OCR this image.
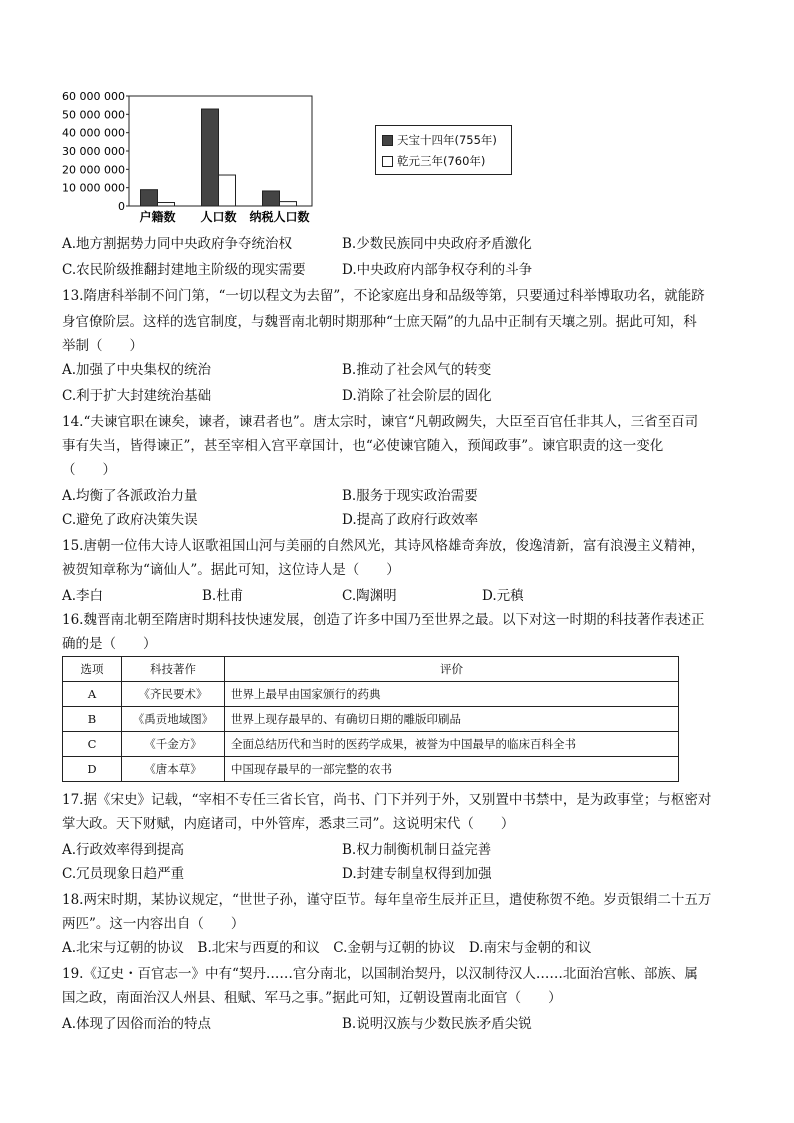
60 000 000
50 000 000
40 000 000
30 000 000
20 000 000
10 000 000
0
户籍数 人口数 纳税人口数
天宝十四年(755年)
乾元三年(760年)
A.地方割据势力同中央政府争夺统治权	B.少数民族同中央政府矛盾激化
C.农民阶级推翻封建地主阶级的现实需要	D.中央政府内部争权夺利的斗争
13.隋唐科举制不问门第，“一切以程文为去留”，不论家庭出身和品级等第，只要通过科举博取功名，就能跻
身官僚阶层。这样的选官制度，与魏晋南北朝时期那种“士庶天隔”的九品中正制有天壤之别。据此可知，科
举制（　　）
A.加强了中央集权的统治	B.推动了社会风气的转变
C.利于扩大封建统治基础	D.消除了社会阶层的固化
14.“夫谏官职在谏矣，谏者，谏君者也”。唐太宗时，谏官“凡朝政阙失，大臣至百官任非其人，三省至百司
事有失当，皆得谏正”，甚至宰相入宫平章国计，也“必使谏官随入，预闻政事”。谏官职责的这一变化
（　　）
A.均衡了各派政治力量	B.服务于现实政治需要
C.避免了政府决策失误	D.提高了政府行政效率
15.唐朝一位伟大诗人讴歌祖国山河与美丽的自然风光，其诗风格雄奇奔放，俊逸清新，富有浪漫主义精神，
被贺知章称为“谪仙人”。据此可知，这位诗人是（　　）
A.李白	B.杜甫	C.陶渊明	D.元稹
16.魏晋南北朝至隋唐时期科技快速发展，创造了许多中国乃至世界之最。以下对这一时期的科技著作表述正
确的是（　　）
选项	科技著作	评价
A	《齐民要术》	世界上最早由国家颁行的药典
B	《禹贡地域图》	世界上现存最早的、有确切日期的雕版印刷品
C	《千金方》	全面总结历代和当时的医药学成果，被誉为中国最早的临床百科全书
D	《唐本草》	中国现存最早的一部完整的农书
17.据《宋史》记载，“宰相不专任三省长官，尚书、门下并列于外，又别置中书禁中，是为政事堂；与枢密对
掌大政。天下财赋，内庭诸司，中外管库，悉隶三司”。这说明宋代（　　）
A.行政效率得到提高	B.权力制衡机制日益完善
C.冗员现象日趋严重	D.封建专制皇权得到加强
18.两宋时期，某协议规定，“世世子孙，谨守臣节。每年皇帝生辰并正旦，遣使称贺不绝。岁贡银绢二十五万
两匹”。这一内容出自（　　）
A.北宋与辽朝的协议　B.北宋与西夏的和议　C.金朝与辽朝的协议　D.南宋与金朝的和议
19.《辽史・百官志一》中有“契丹……官分南北，以国制治契丹，以汉制待汉人……北面治宫帐、部族、属
国之政，南面治汉人州县、租赋、军马之事。”据此可知，辽朝设置南北面官（　　）
A.体现了因俗而治的特点	B.说明汉族与少数民族矛盾尖锐
